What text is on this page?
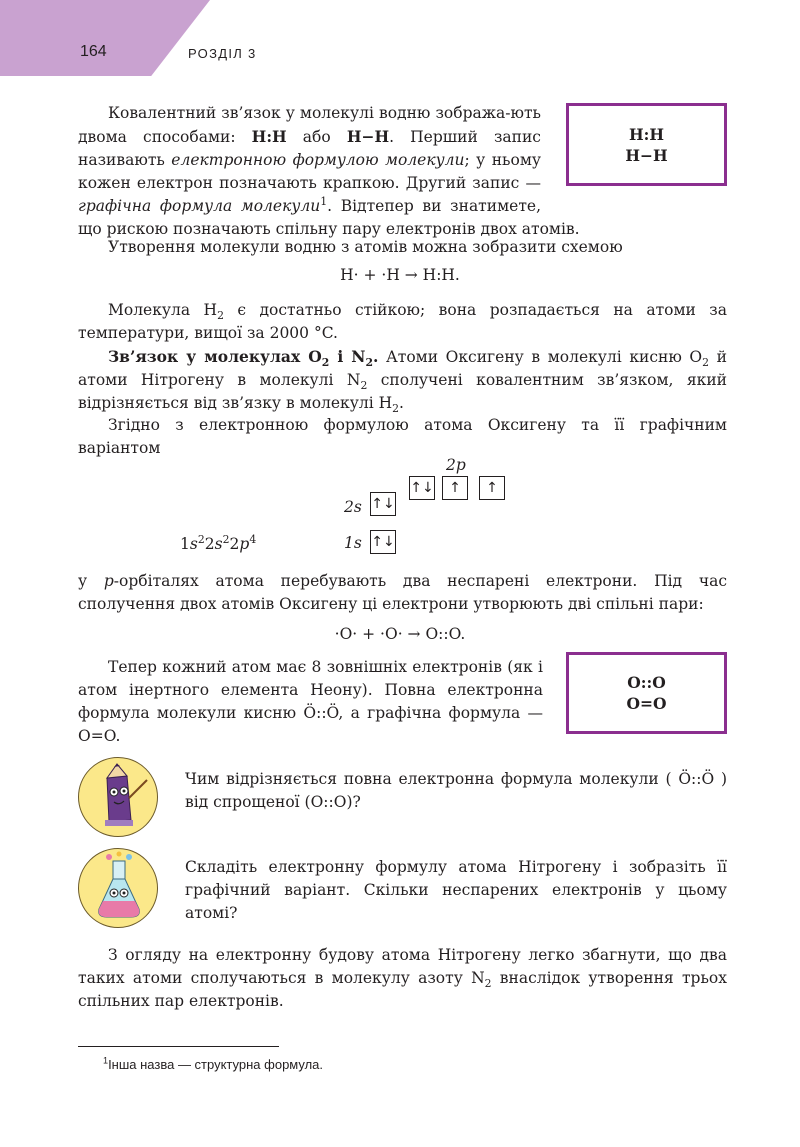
164	РОЗДІЛ 3
H:H
H−H

Ковалентний зв’язок у молекулі водню зобража-ють двома способами: H:H або H−H. Перший запис називають електронною формулою молекули; у ньому кожен електрон позначають крапкою. Другий запис — графічна формула молекули$^1$. Відтепер ви знатимете, що рискою позначають спільну пару електронів двох атомів.

Утворення молекули водню з атомів можна зобразити схемою

H· + ·H → H:H.

Молекула $H_2$ є достатньо стійкою; вона розпадається на атоми за температури, вищої за 2000 °C.

Зв’язок у молекулах $O_2$ і $N_2$. Атоми Оксигену в молекулі кисню $O_2$ й атоми Нітрогену в молекулі $N_2$ сполучені ковалентним зв’язком, який відрізняється від зв’язку в молекулі $H_2$.

Згідно з електронною формулою атома Оксигену та її графічним варіантом

$1s^22s^22p^4$
2p
2s
1s
↑↓	↑	↑
↑↓
↑↓

у p-орбіталях атома перебувають два неспарені електрони. Під час сполучення двох атомів Оксигену ці електрони утворюють дві спільні пари:

·O· + ·O· → O::O.
O::O
O=O

Тепер кожний атом має 8 зовнішніх електронів (як і атом інертного елемента Неону). Повна електронна формула молекули кисню Ö::Ö, а графічна формула — O=O.

Чим відрізняється повна електронна формула молекули ( Ö::Ö ) від спрощеної (O::O)?

Складіть електронну формулу атома Нітрогену і зобразіть її графічний варіант. Скільки неспарених електронів у цьому атомі?

З огляду на електронну будову атома Нітрогену легко збагнути, що два таких атоми сполучаються в молекулу азоту $N_2$ внаслідок утворення трьох спільних пар електронів.

$^1$Інша назва — структурна формула.
